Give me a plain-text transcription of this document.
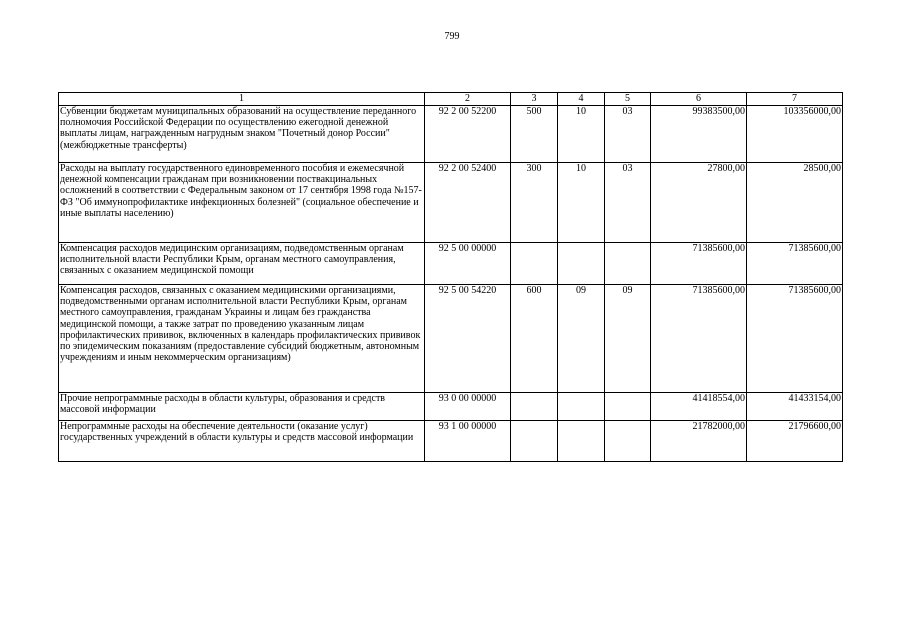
799
1	2	3	4	5	6	7
Субвенции бюджетам муниципальных образований на осуществление переданного полномочия Российской Федерации по осуществлению ежегодной денежной выплаты лицам, награжденным нагрудным знаком "Почетный донор России" (межбюджетные трансферты)	92 2 00 52200	500	10	03	99383500,00	103356000,00
Расходы на выплату государственного единовременного пособия и ежемесячной денежной компенсации гражданам при возникновении поствакцинальных осложнений в соответствии с Федеральным законом от 17 сентября 1998 года №157-ФЗ "Об иммунопрофилактике инфекционных болезней" (социальное обеспечение и иные выплаты населению)	92 2 00 52400	300	10	03	27800,00	28500,00
Компенсация расходов медицинским организациям, подведомственным органам исполнительной власти Республики Крым, органам местного самоуправления, связанных с оказанием медицинской помощи	92 5 00 00000				71385600,00	71385600,00
Компенсация расходов, связанных с оказанием медицинскими организациями, подведомственными органам исполнительной власти Республики Крым, органам местного самоуправления, гражданам Украины и лицам без гражданства медицинской помощи, а также затрат по проведению указанным лицам профилактических прививок, включенных в календарь профилактических прививок по эпидемическим показаниям (предоставление субсидий бюджетным, автономным учреждениям и иным некоммерческим организациям)	92 5 00 54220	600	09	09	71385600,00	71385600,00
Прочие непрограммные расходы в области культуры, образования и средств массовой информации	93 0 00 00000				41418554,00	41433154,00
Непрограммные расходы на обеспечение деятельности (оказание услуг) государственных учреждений в области культуры и средств массовой информации	93 1 00 00000				21782000,00	21796600,00
